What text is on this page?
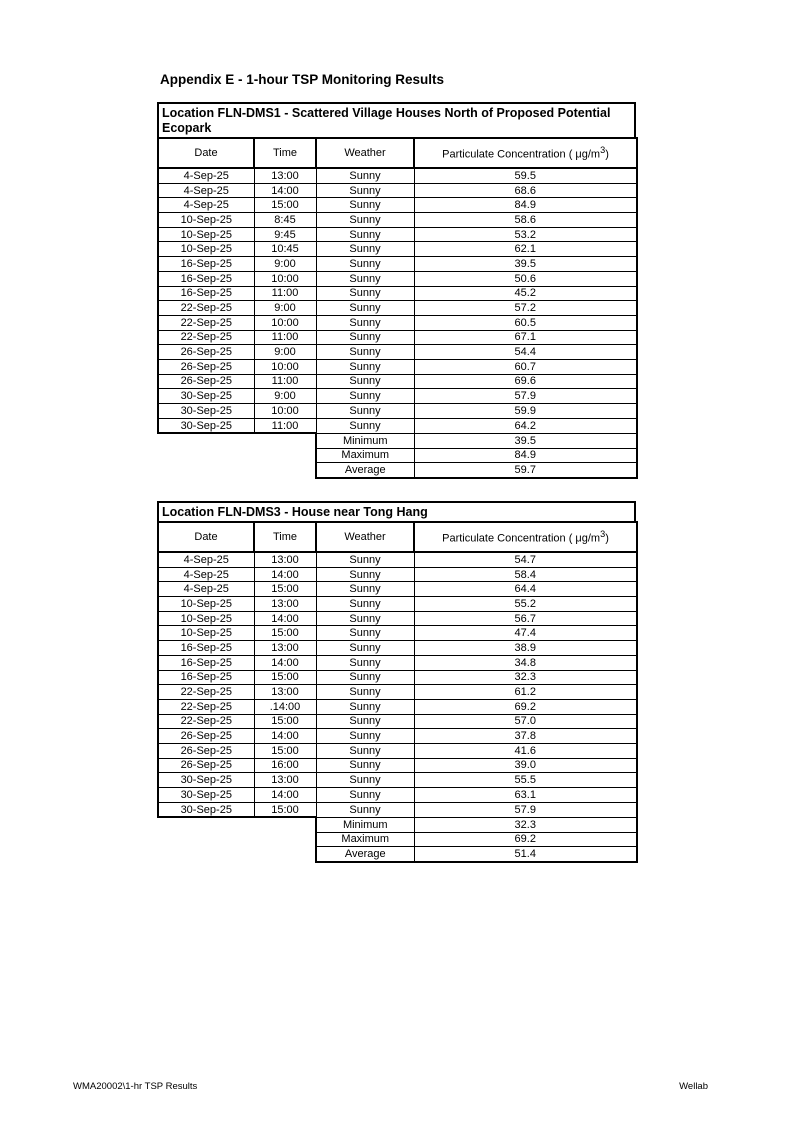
Appendix E - 1-hour TSP Monitoring Results
Location FLN-DMS1 - Scattered Village Houses North of Proposed Potential Ecopark
Date	Time	Weather	Particulate Concentration ( $\mu g/m^3$)
4-Sep-25	13:00	Sunny	59.5
4-Sep-25	14:00	Sunny	68.6
4-Sep-25	15:00	Sunny	84.9
10-Sep-25	8:45	Sunny	58.6
10-Sep-25	9:45	Sunny	53.2
10-Sep-25	10:45	Sunny	62.1
16-Sep-25	9:00	Sunny	39.5
16-Sep-25	10:00	Sunny	50.6
16-Sep-25	11:00	Sunny	45.2
22-Sep-25	9:00	Sunny	57.2
22-Sep-25	10:00	Sunny	60.5
22-Sep-25	11:00	Sunny	67.1
26-Sep-25	9:00	Sunny	54.4
26-Sep-25	10:00	Sunny	60.7
26-Sep-25	11:00	Sunny	69.6
30-Sep-25	9:00	Sunny	57.9
30-Sep-25	10:00	Sunny	59.9
30-Sep-25	11:00	Sunny	64.2
		Minimum	39.5
		Maximum	84.9
		Average	59.7
Location FLN-DMS3 - House near Tong Hang
Date	Time	Weather	Particulate Concentration ( $\mu g/m^3$)
4-Sep-25	13:00	Sunny	54.7
4-Sep-25	14:00	Sunny	58.4
4-Sep-25	15:00	Sunny	64.4
10-Sep-25	13:00	Sunny	55.2
10-Sep-25	14:00	Sunny	56.7
10-Sep-25	15:00	Sunny	47.4
16-Sep-25	13:00	Sunny	38.9
16-Sep-25	14:00	Sunny	34.8
16-Sep-25	15:00	Sunny	32.3
22-Sep-25	13:00	Sunny	61.2
22-Sep-25	.14:00	Sunny	69.2
22-Sep-25	15:00	Sunny	57.0
26-Sep-25	14:00	Sunny	37.8
26-Sep-25	15:00	Sunny	41.6
26-Sep-25	16:00	Sunny	39.0
30-Sep-25	13:00	Sunny	55.5
30-Sep-25	14:00	Sunny	63.1
30-Sep-25	15:00	Sunny	57.9
		Minimum	32.3
		Maximum	69.2
		Average	51.4
WMA20002\1-hr TSP Results	Wellab
